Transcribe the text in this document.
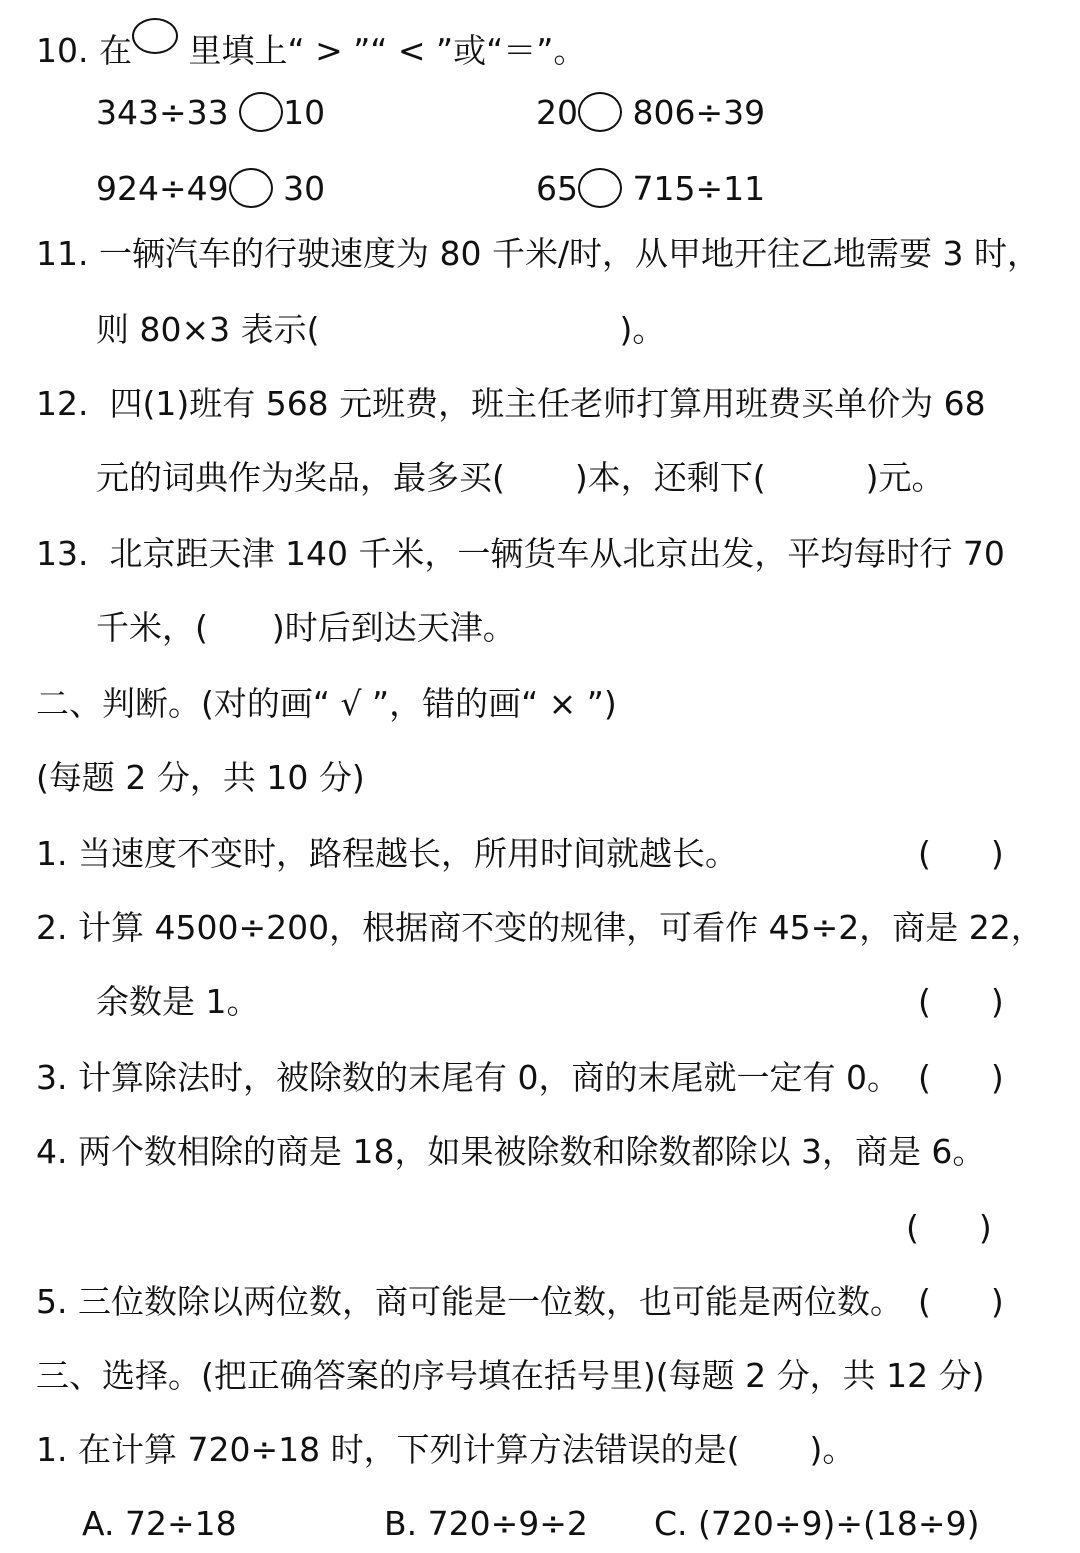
10. 在 里填上“ > ”“ < ”或“＝”。
343÷33 10	20 806÷39
924÷49 30	65 715÷11
11. 一辆汽车的行驶速度为 80 千米/时，从甲地开往乙地需要 3 时，
则 80×3 表示(	)。
12.  四(1)班有 568 元班费，班主任老师打算用班费买单价为 68
元的词典作为奖品，最多买( )本，还剩下(	)元。
13.  北京距天津 140 千米，一辆货车从北京出发，平均每时行 70
千米，( )时后到达天津。
二、判断。(对的画“ √ ”，错的画“ × ”)
(每题 2 分，共 10 分)
1. 当速度不变时，路程越长，所用时间就越长。	( )
2. 计算 4500÷200，根据商不变的规律，可看作 45÷2，商是 22，
余数是 1。	( )
3. 计算除法时，被除数的末尾有 0，商的末尾就一定有 0。 ( )
4. 两个数相除的商是 18，如果被除数和除数都除以 3，商是 6。
( )
5. 三位数除以两位数，商可能是一位数，也可能是两位数。 ( )
三、选择。(把正确答案的序号填在括号里)(每题 2 分，共 12 分)
1. 在计算 720÷18 时，下列计算方法错误的是( )。
A. 72÷18	B. 720÷9÷2 C. (720÷9)÷(18÷9)
